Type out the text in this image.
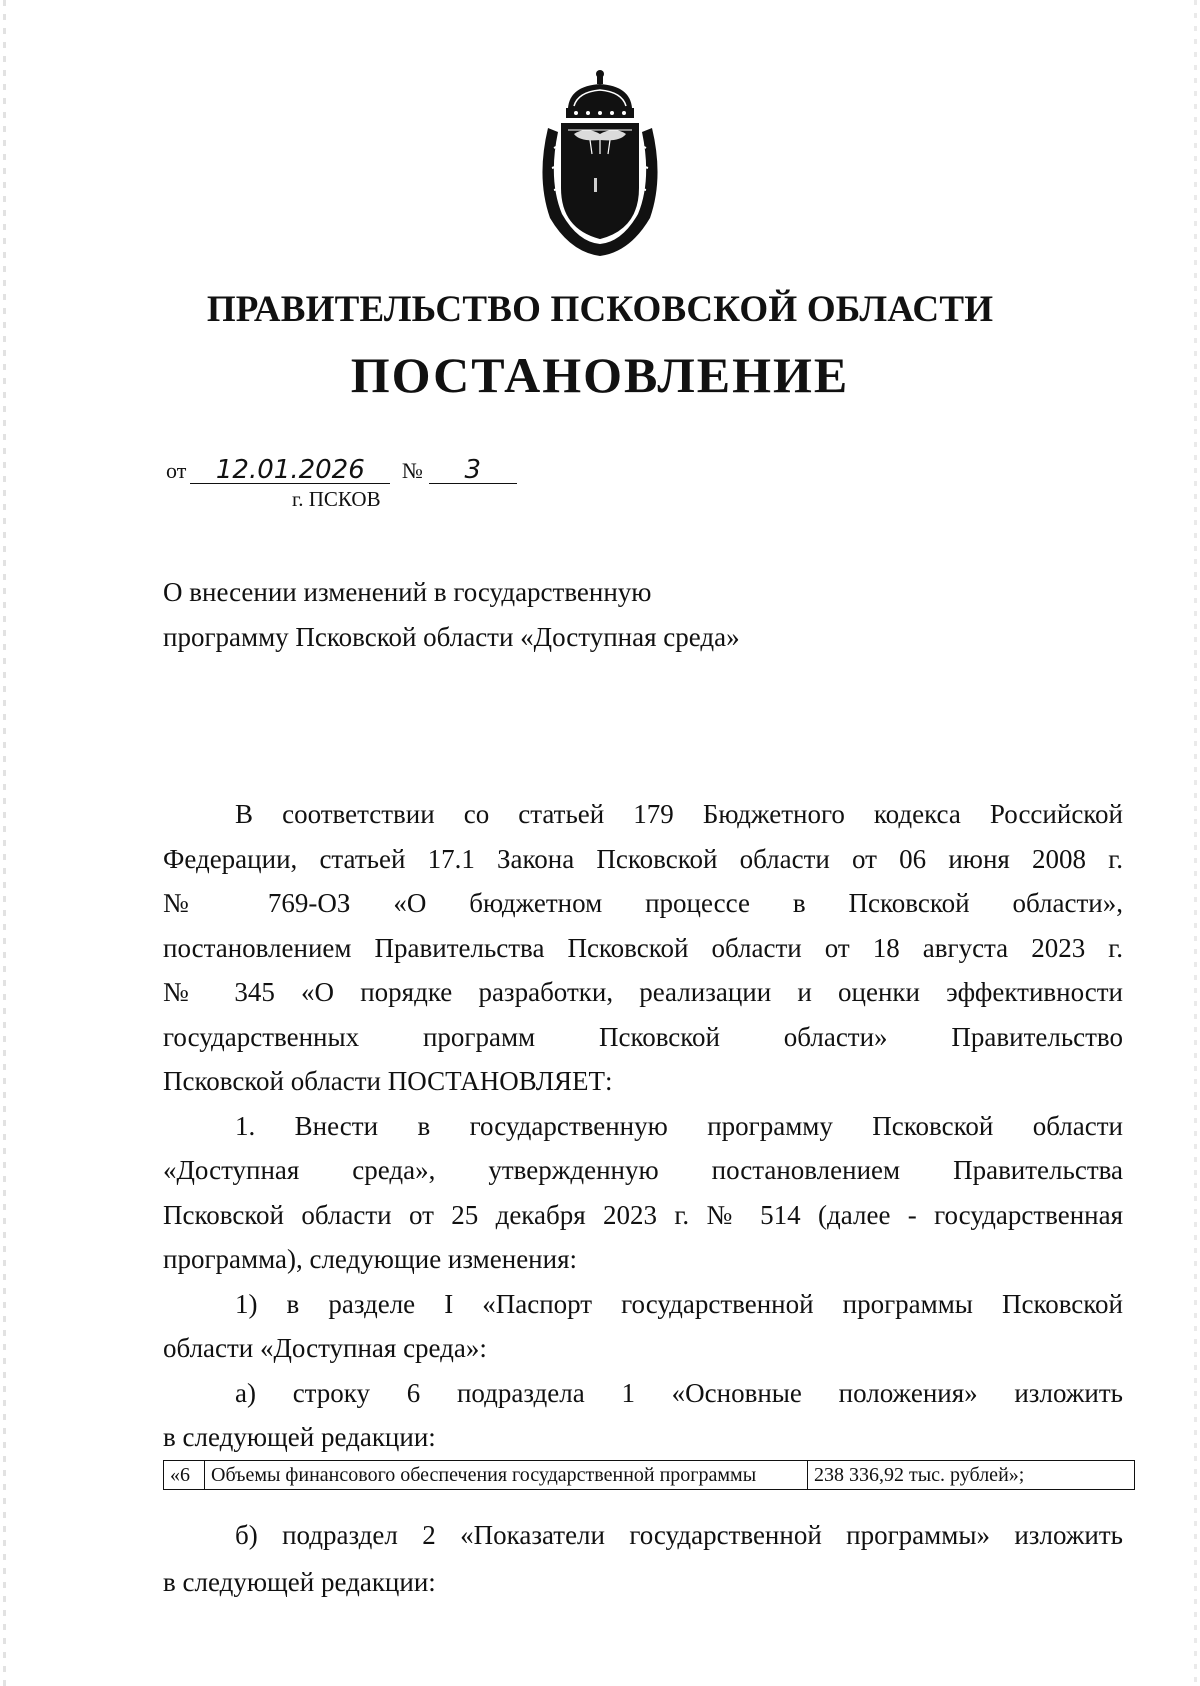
ПРАВИТЕЛЬСТВО ПСКОВСКОЙ ОБЛАСТИ
ПОСТАНОВЛЕНИЕ
от 12.01.2026 № 3
г. ПСКОВ
О внесении изменений в государственную программу Псковской области «Доступная среда»

В соответствии со статьей 179 Бюджетного кодекса Российской

Федерации, статьей 17.1 Закона Псковской области от 06 июня 2008 г.

№ 769-ОЗ «О бюджетном процессе в Псковской области»,

постановлением Правительства Псковской области от 18 августа 2023 г.

№ 345 «О порядке разработки, реализации и оценки эффективности

государственных программ Псковской области» Правительство

Псковской области ПОСТАНОВЛЯЕТ:

1. Внести в государственную программу Псковской области

«Доступная среда», утвержденную постановлением Правительства

Псковской области от 25 декабря 2023 г. № 514 (далее - государственная

программа), следующие изменения:

1) в разделе I «Паспорт государственной программы Псковской

области «Доступная среда»:

а) строку 6 подраздела 1 «Основные положения» изложить

в следующей редакции:

«6	Объемы финансового обеспечения государственной программы	238 336,92 тыс. рублей»;

б) подраздел 2 «Показатели государственной программы» изложить

в следующей редакции:
